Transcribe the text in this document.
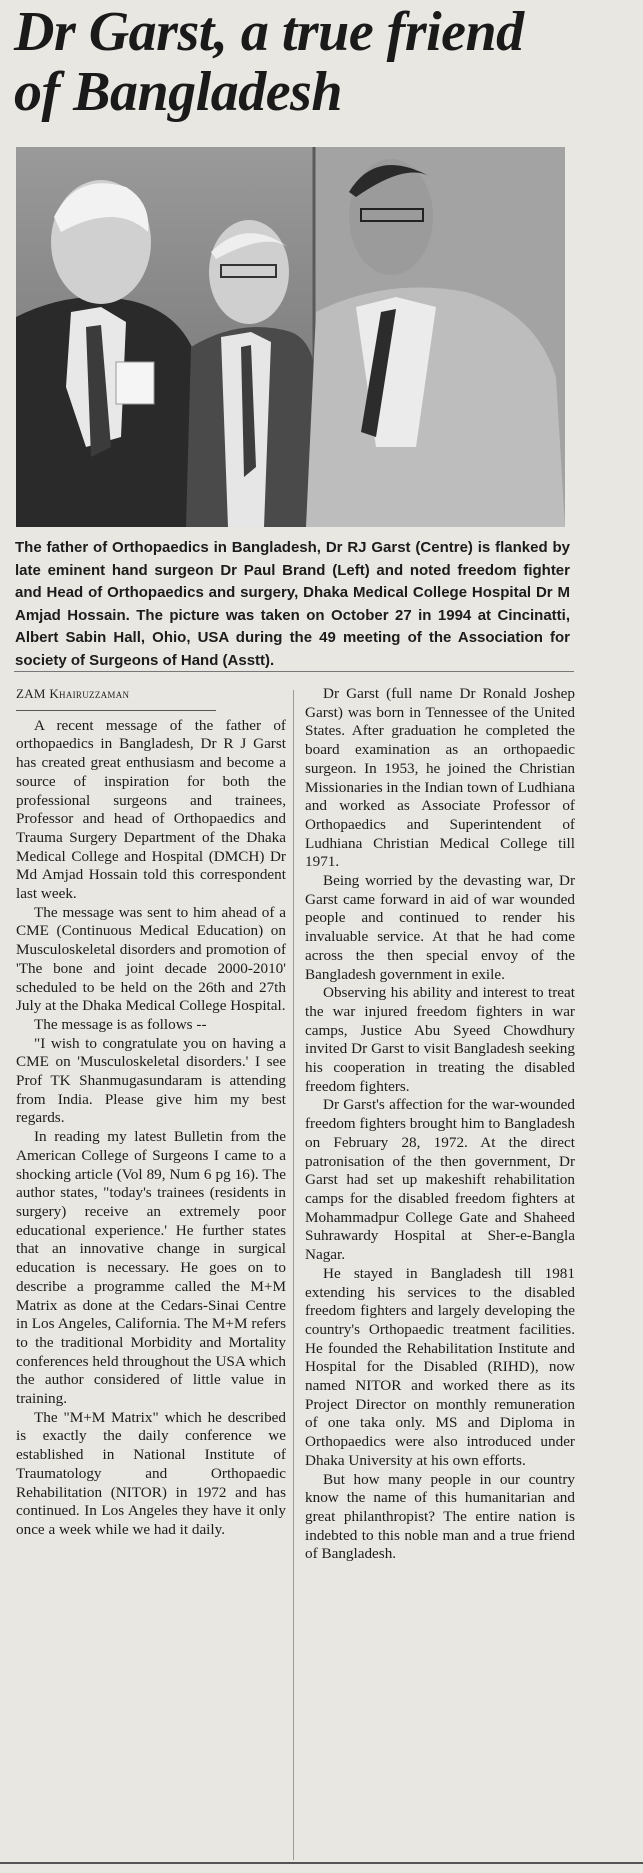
Dr Garst, a true friend
of Bangladesh
The father of Orthopaedics in Bangladesh, Dr RJ Garst (Centre) is flanked by late eminent hand surgeon Dr Paul Brand (Left) and noted freedom fighter and Head of Orthopaedics and surgery, Dhaka Medical College Hospital Dr M Amjad Hossain. The picture was taken on October 27 in 1994 at Cincinatti, Albert Sabin Hall, Ohio, USA during the 49 meeting of the Association for society of Surgeons of Hand (Asstt).
ZAM Khairuzzaman

A recent message of the father of orthopaedics in Bangladesh, Dr R J Garst has created great enthusiasm and become a source of inspiration for both the professional surgeons and trainees, Professor and head of Orthopaedics and Trauma Surgery Department of the Dhaka Medical College and Hospital (DMCH) Dr Md Amjad Hossain told this correspondent last week.

The message was sent to him ahead of a CME (Continuous Medical Education) on Musculoskeletal disorders and promotion of 'The bone and joint decade 2000-2010' scheduled to be held on the 26th and 27th July at the Dhaka Medical College Hospital.

The message is as follows --

"I wish to congratulate you on having a CME on 'Musculoskeletal disorders.' I see Prof TK Shanmugasundaram is attending from India. Please give him my best regards.

In reading my latest Bulletin from the American College of Surgeons I came to a shocking article (Vol 89, Num 6 pg 16). The author states, "today's trainees (residents in surgery) receive an extremely poor educational experience.' He further states that an innovative change in surgical education is necessary. He goes on to describe a programme called the M+M Matrix as done at the Cedars-Sinai Centre in Los Angeles, California. The M+M refers to the traditional Morbidity and Mortality conferences held throughout the USA which the author considered of little value in training.

The "M+M Matrix" which he described is exactly the daily conference we established in National Institute of Traumatology and Orthopaedic Rehabilitation (NITOR) in 1972 and has continued. In Los Angeles they have it only once a week while we had it daily.

Dr Garst (full name Dr Ronald Joshep Garst) was born in Tennessee of the United States. After graduation he completed the board examination as an orthopaedic surgeon. In 1953, he joined the Christian Missionaries in the Indian town of Ludhiana and worked as Associate Professor of Orthopaedics and Superintendent of Ludhiana Christian Medical College till 1971.

Being worried by the devasting war, Dr Garst came forward in aid of war wounded people and continued to render his invaluable service. At that he had come across the then special envoy of the Bangladesh government in exile.

Observing his ability and interest to treat the war injured freedom fighters in war camps, Justice Abu Syeed Chowdhury invited Dr Garst to visit Bangladesh seeking his cooperation in treating the disabled freedom fighters.

Dr Garst's affection for the war-wounded freedom fighters brought him to Bangladesh on February 28, 1972. At the direct patronisation of the then government, Dr Garst had set up makeshift rehabilitation camps for the disabled freedom fighters at Mohammadpur College Gate and Shaheed Suhrawardy Hospital at Sher-e-Bangla Nagar.

He stayed in Bangladesh till 1981 extending his services to the disabled freedom fighters and largely developing the country's Orthopaedic treatment facilities. He founded the Rehabilitation Institute and Hospital for the Disabled (RIHD), now named NITOR and worked there as its Project Director on monthly remuneration of one taka only. MS and Diploma in Orthopaedics were also introduced under Dhaka University at his own efforts.

But how many people in our country know the name of this humanitarian and great philanthropist? The entire nation is indebted to this noble man and a true friend of Bangladesh.
